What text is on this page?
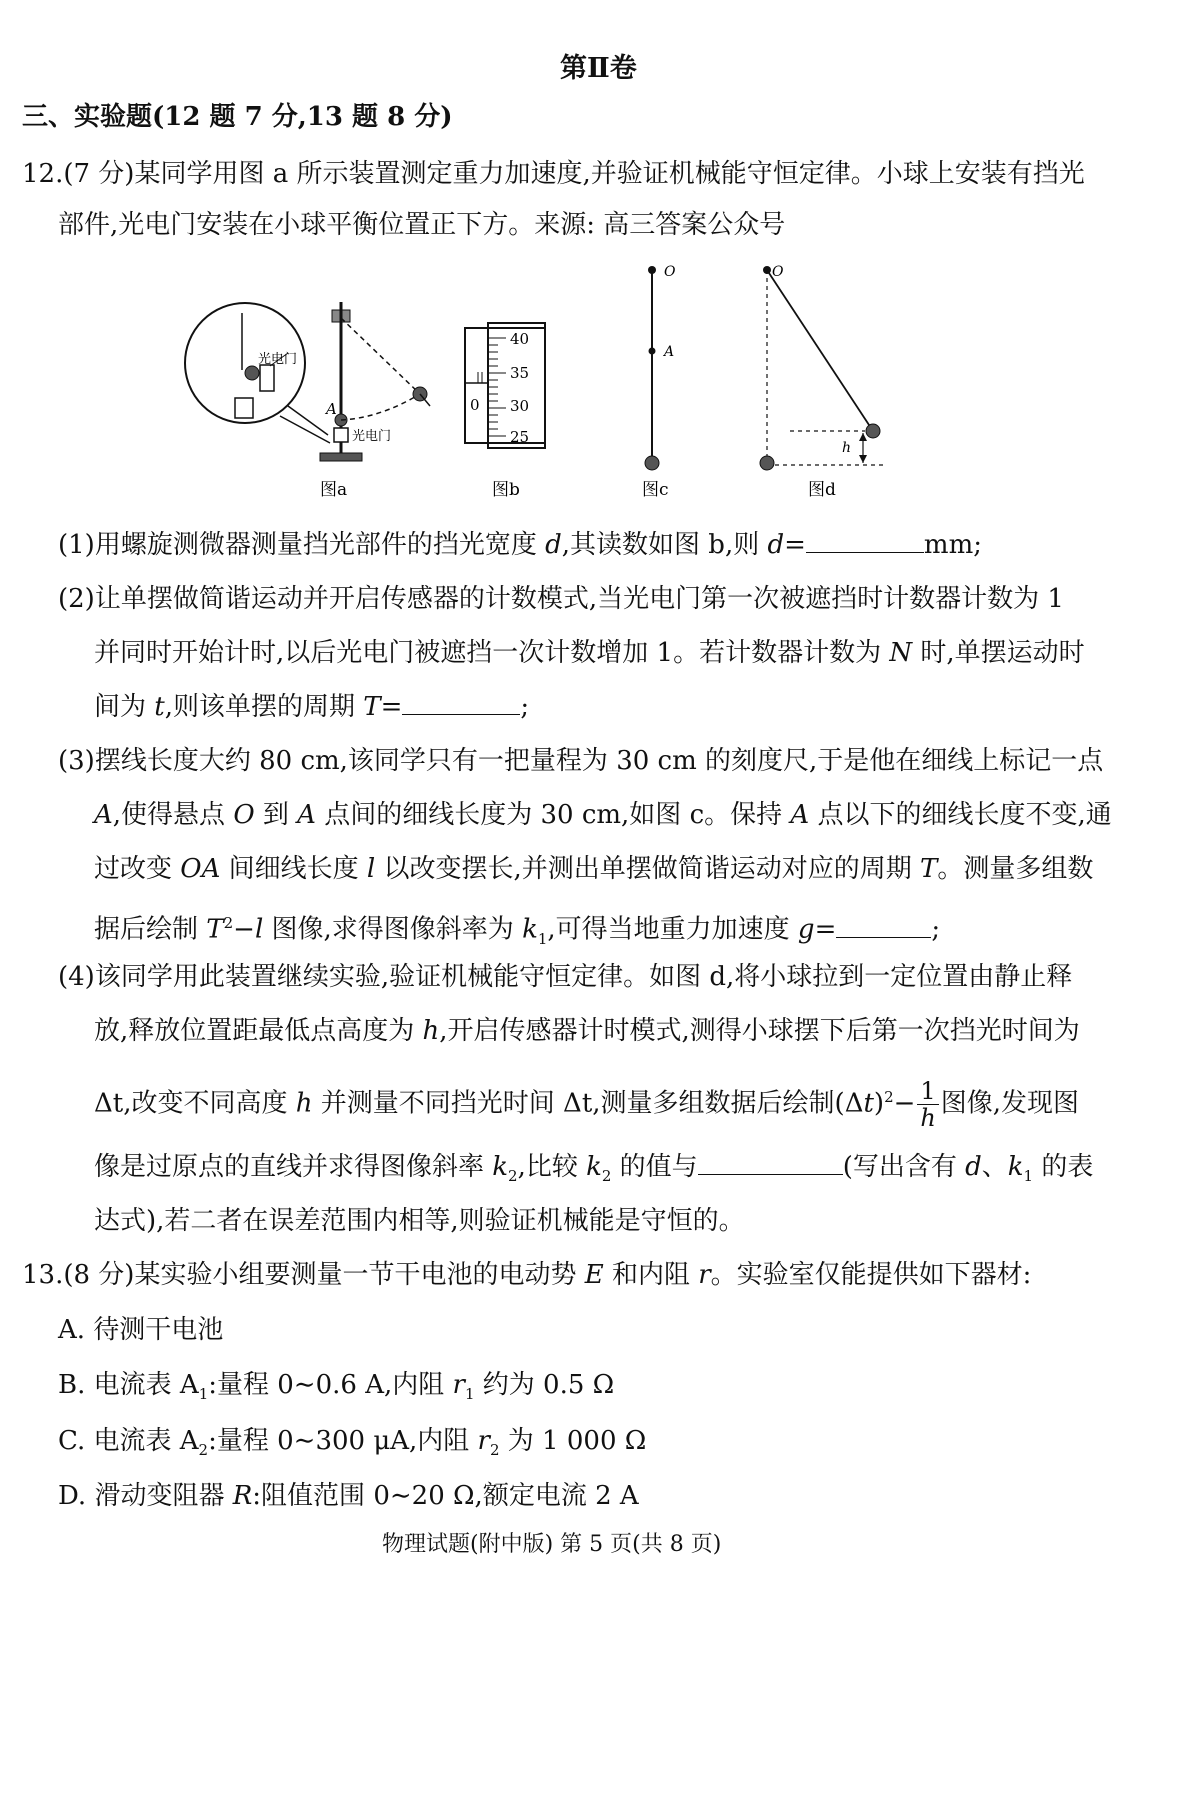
第Ⅱ卷
三、实验题(12 题 7 分,13 题 8 分)
12.(7 分)某同学用图 a 所示装置测定重力加速度,并验证机械能守恒定律。小球上安装有挡光
部件,光电门安装在小球平衡位置正下方。来源: 高三答案公众号
光电门
光电门
A
图a
40
35
30
25
0
图b
O
A
图c
h
O
图d
(1)用螺旋测微器测量挡光部件的挡光宽度 d,其读数如图 b,则 d=	mm;
(2)让单摆做简谐运动并开启传感器的计数模式,当光电门第一次被遮挡时计数器计数为 1
并同时开始计时,以后光电门被遮挡一次计数增加 1。若计数器计数为 N 时,单摆运动时
间为 t,则该单摆的周期 T=	;
(3)摆线长度大约 80 cm,该同学只有一把量程为 30 cm 的刻度尺,于是他在细线上标记一点
A,使得悬点 O 到 A 点间的细线长度为 30 cm,如图 c。保持 A 点以下的细线长度不变,通
过改变 OA 间细线长度 l 以改变摆长,并测出单摆做简谐运动对应的周期 T。测量多组数
据后绘制 $T^2-l$ 图像,求得图像斜率为 $k_1$,可得当地重力加速度 g=	;
(4)该同学用此装置继续实验,验证机械能守恒定律。如图 d,将小球拉到一定位置由静止释
放,释放位置距最低点高度为 h,开启传感器计时模式,测得小球摆下后第一次挡光时间为
Δt,改变不同高度 h 并测量不同挡光时间 Δt,测量多组数据后绘制$(\Delta t)^2- \frac{1}{h}$ 图像,发现图
像是过原点的直线并求得图像斜率 $k_2$,比较 $k_2$ 的值与	(写出含有 d、$k_1$ 的表
达式),若二者在误差范围内相等,则验证机械能是守恒的。
13.(8 分)某实验小组要测量一节干电池的电动势 E 和内阻 r。实验室仅能提供如下器材:
A. 待测干电池
B. 电流表 $A_1$:量程 0∼0.6 A,内阻 $r_1$ 约为 0.5 Ω
C. 电流表 $A_2$:量程 0∼300 μA,内阻 $r_2$ 为 1 000 Ω
D. 滑动变阻器 R:阻值范围 0∼20 Ω,额定电流 2 A
物理试题(附中版) 第 5 页(共 8 页)
